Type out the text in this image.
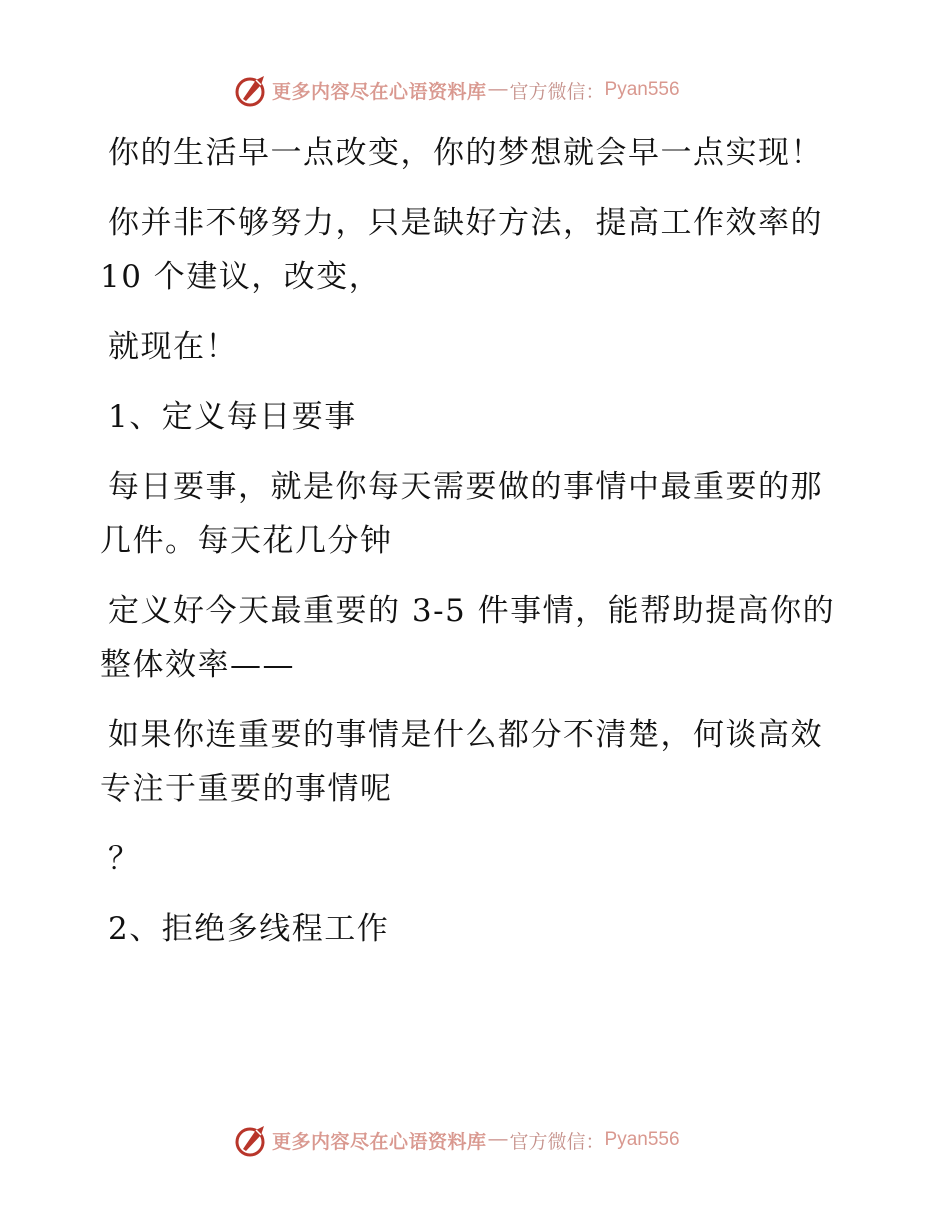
更多内容尽在心语资料库 — 官方微信： Pyan556

你的生活早一点改变，你的梦想就会早一点实现！

你并非不够努力，只是缺好方法，提高工作效率的 10 个建议，改变，

就现在！

1、定义每日要事

每日要事，就是你每天需要做的事情中最重要的那几件。每天花几分钟

定义好今天最重要的 3-5 件事情，能帮助提高你的整体效率——

如果你连重要的事情是什么都分不清楚，何谈高效专注于重要的事情呢

？

2、拒绝多线程工作

更多内容尽在心语资料库 — 官方微信： Pyan556
